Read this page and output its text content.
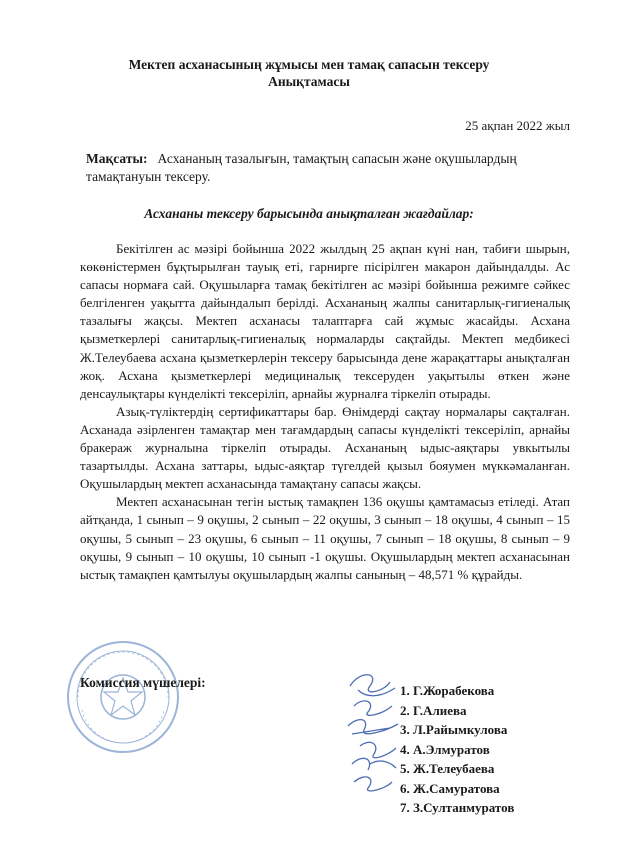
Мектеп асханасының жұмысы мен тамақ сапасын тексеру
Анықтамасы
25 ақпан 2022 жыл
Мақсаты: Асхананың тазалығын, тамақтың сапасын және оқушылардың тамақтануын тексеру.
Асхананы тексеру барысында анықталған жағдайлар:

Бекітілген ас мәзірі бойынша 2022 жылдың 25 ақпан күні нан, табиғи шырын, көкөністермен бұқтырылған тауық еті, гарнирге пісірілген макарон дайындалды. Ас сапасы нормаға сай. Оқушыларға тамақ бекітілген ас мәзірі бойынша режимге сәйкес белгіленген уақытта дайындалып берілді. Асхананың жалпы санитарлық-гигиеналық тазалығы жақсы. Мектеп асханасы талаптарға сай жұмыс жасайды. Асхана қызметкерлері санитарлық-гигиеналық нормаларды сақтайды. Мектеп медбикесі Ж.Телеубаева асхана қызметкерлерін тексеру барысында дене жарақаттары анықталған жоқ. Асхана қызметкерлері медициналық тексеруден уақытылы өткен және денсаулықтары күнделікті тексеріліп, арнайы журналға тіркеліп отырады.

Азық-түліктердің сертификаттары бар. Өнімдерді сақтау нормалары сақталған. Асханада әзірленген тамақтар мен тағамдардың сапасы күнделікті тексеріліп, арнайы бракераж журналына тіркеліп отырады. Асхананың ыдыс-аяқтары увкытылы тазартылды. Асхана заттары, ыдыс-аяқтар түгелдей қызыл бояумен мүккәмаланған. Оқушылардың мектеп асханасында тамақтану сапасы жақсы.

Мектеп асханасынан тегін ыстық тамақпен 136 оқушы қамтамасыз етіледі. Атап айтқанда, 1 сынып – 9 оқушы, 2 сынып – 22 оқушы, 3 сынып – 18 оқушы, 4 сынып – 15 оқушы, 5 сынып – 23 оқушы, 6 сынып – 11 оқушы, 7 сынып – 18 оқушы, 8 сынып – 9 оқушы, 9 сынып – 10 оқушы, 10 сынып -1 оқушы. Оқушылардың мектеп асханасынан ыстық тамақпен қамтылуы оқушылардың жалпы санының – 48,571 % құрайды.

Комиссия мүшелері:
1. Г.Жорабекова
2. Г.Алиева
3. Л.Райымкулова
4. А.Элмуратов
5. Ж.Телеубаева
6. Ж.Самуратова
7. З.Султанмуратов
